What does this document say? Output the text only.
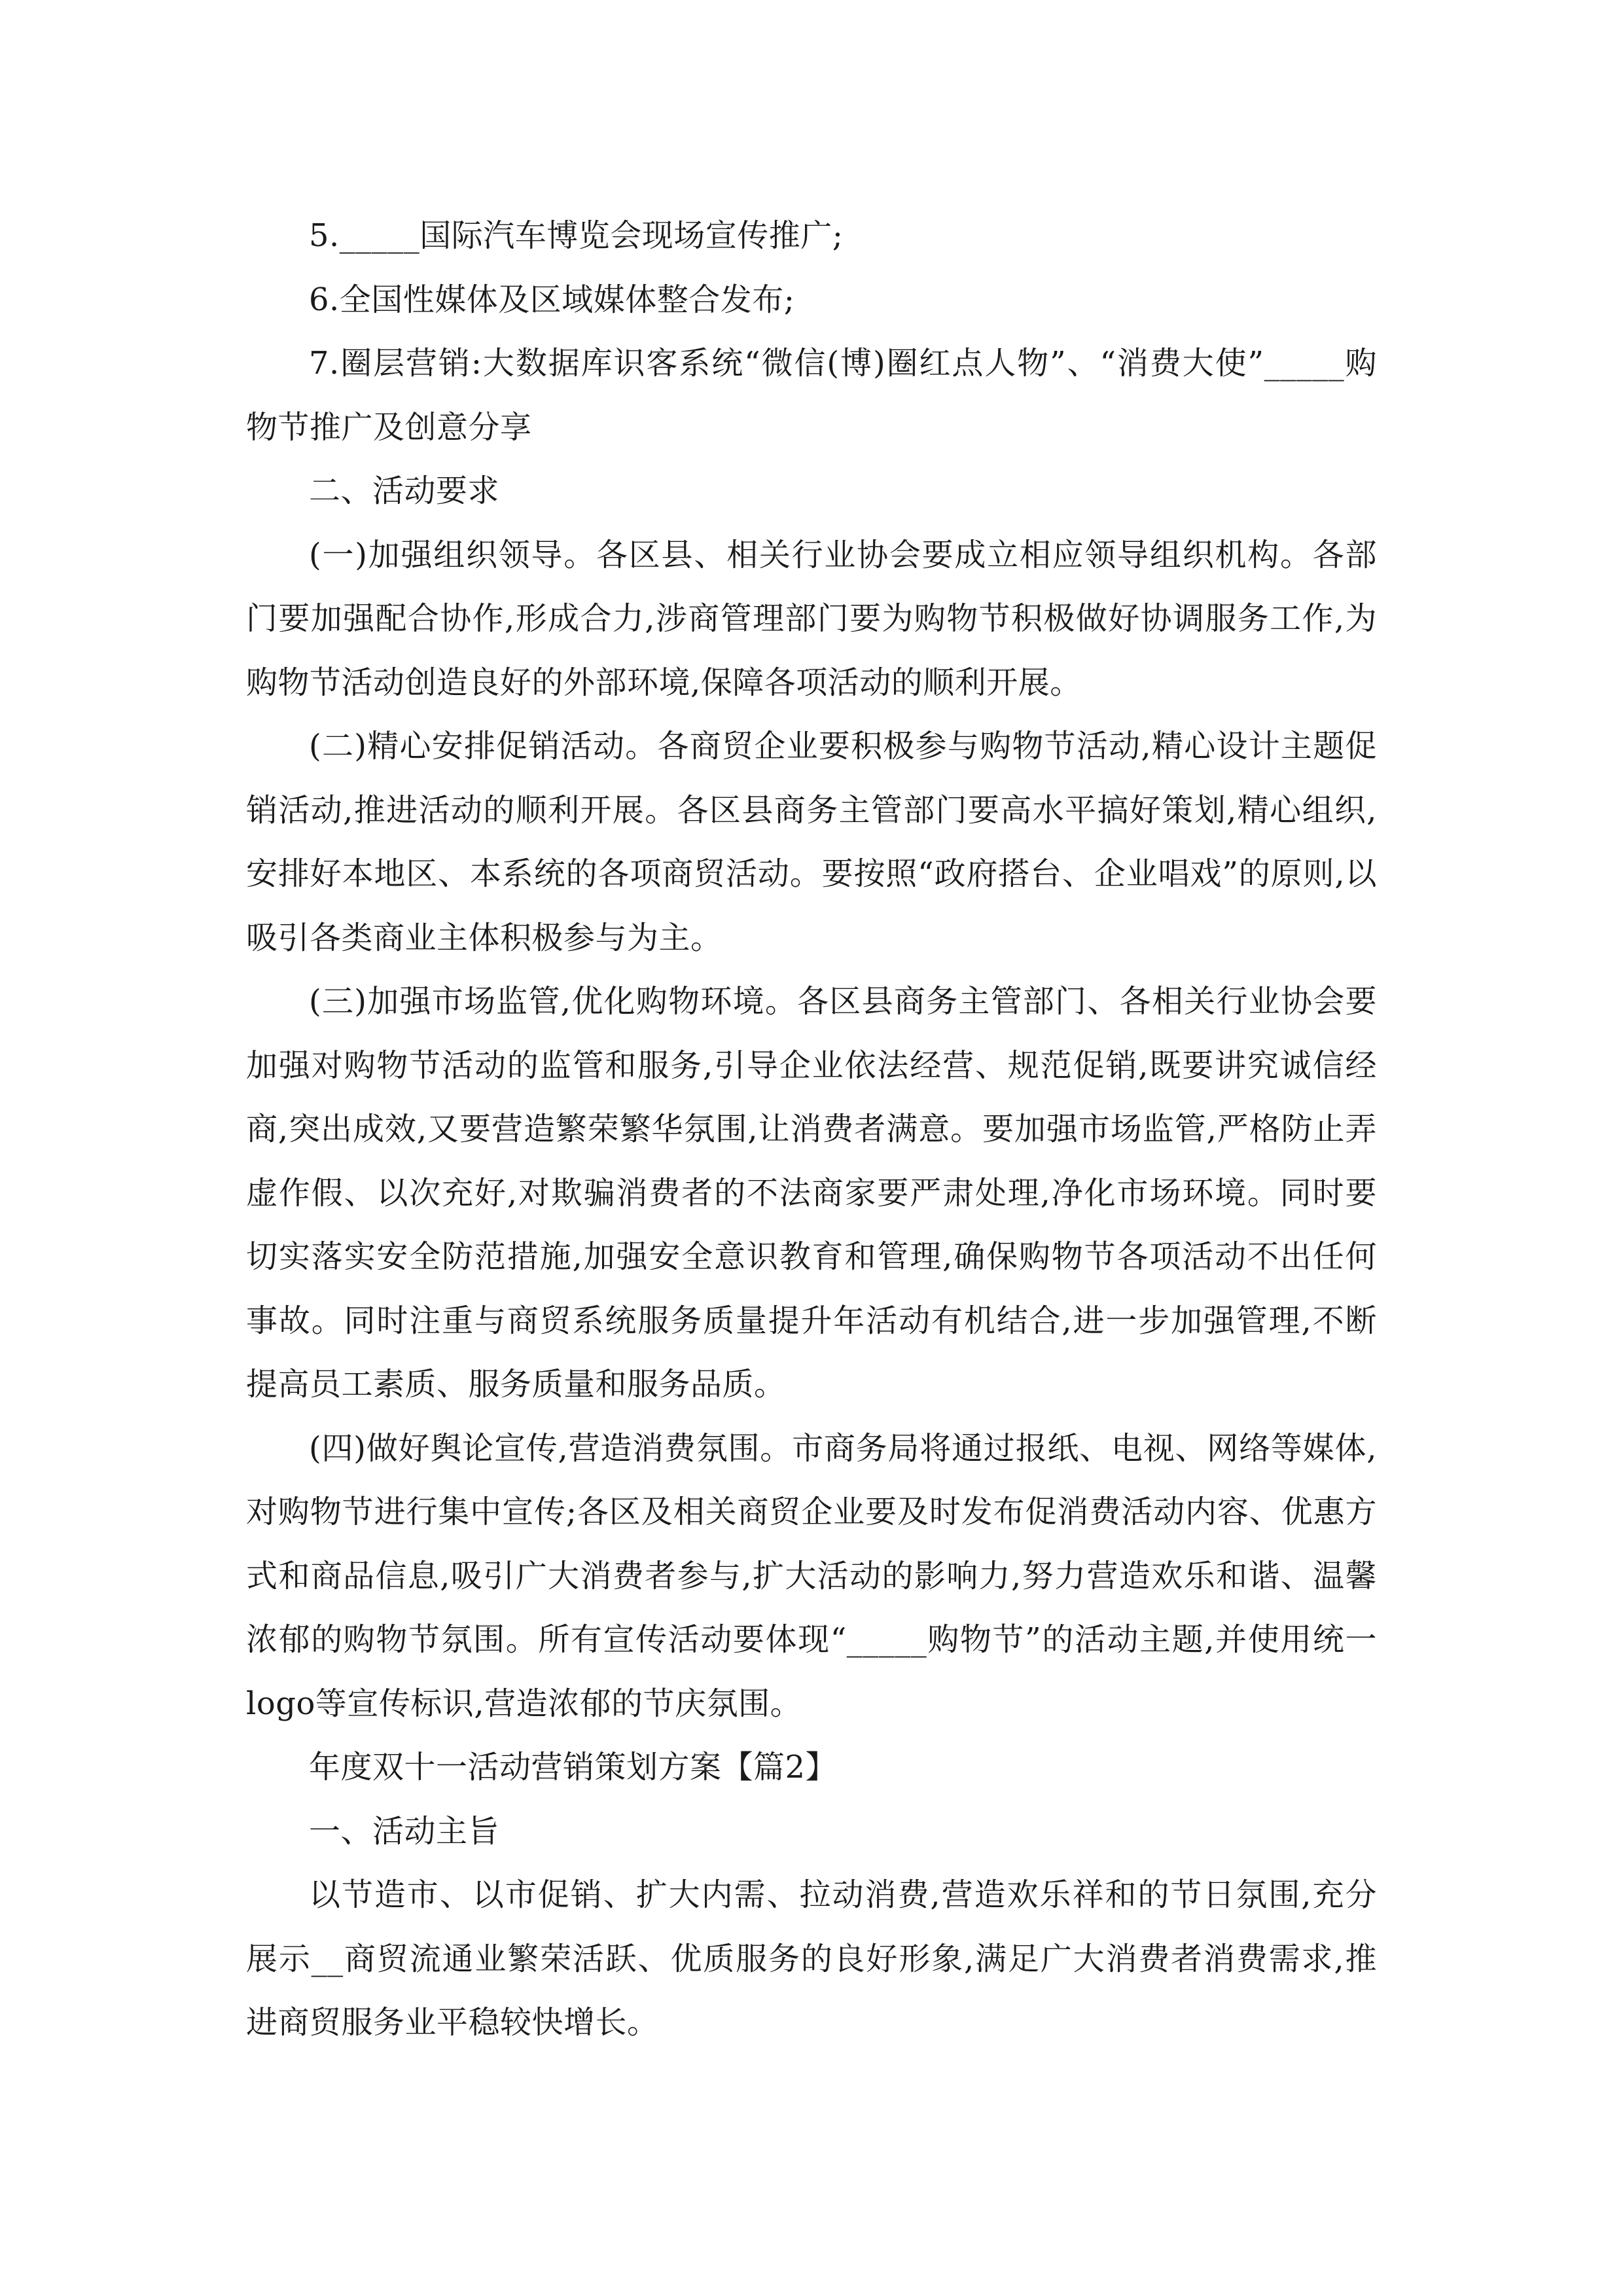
5._____国际汽车博览会现场宣传推广;

6.全国性媒体及区域媒体整合发布;

7.圈层营销:大数据库识客系统“微信(博)圈红点人物”、“消费大使”_____购物节推广及创意分享

二、活动要求

(一)加强组织领导。各区县、相关行业协会要成立相应领导组织机构。各部门要加强配合协作,形成合力,涉商管理部门要为购物节积极做好协调服务工作,为购物节活动创造良好的外部环境,保障各项活动的顺利开展。

(二)精心安排促销活动。各商贸企业要积极参与购物节活动,精心设计主题促销活动,推进活动的顺利开展。各区县商务主管部门要高水平搞好策划,精心组织,安排好本地区、本系统的各项商贸活动。要按照“政府搭台、企业唱戏”的原则,以吸引各类商业主体积极参与为主。

(三)加强市场监管,优化购物环境。各区县商务主管部门、各相关行业协会要加强对购物节活动的监管和服务,引导企业依法经营、规范促销,既要讲究诚信经商,突出成效,又要营造繁荣繁华氛围,让消费者满意。要加强市场监管,严格防止弄虚作假、以次充好,对欺骗消费者的不法商家要严肃处理,净化市场环境。同时要切实落实安全防范措施,加强安全意识教育和管理,确保购物节各项活动不出任何事故。同时注重与商贸系统服务质量提升年活动有机结合,进一步加强管理,不断提高员工素质、服务质量和服务品质。

(四)做好舆论宣传,营造消费氛围。市商务局将通过报纸、电视、网络等媒体,对购物节进行集中宣传;各区及相关商贸企业要及时发布促消费活动内容、优惠方式和商品信息,吸引广大消费者参与,扩大活动的影响力,努力营造欢乐和谐、温馨浓郁的购物节氛围。所有宣传活动要体现“_____购物节”的活动主题,并使用统一logo等宣传标识,营造浓郁的节庆氛围。

年度双十一活动营销策划方案【篇2】

一、活动主旨

以节造市、以市促销、扩大内需、拉动消费,营造欢乐祥和的节日氛围,充分展示__商贸流通业繁荣活跃、优质服务的良好形象,满足广大消费者消费需求,推进商贸服务业平稳较快增长。
